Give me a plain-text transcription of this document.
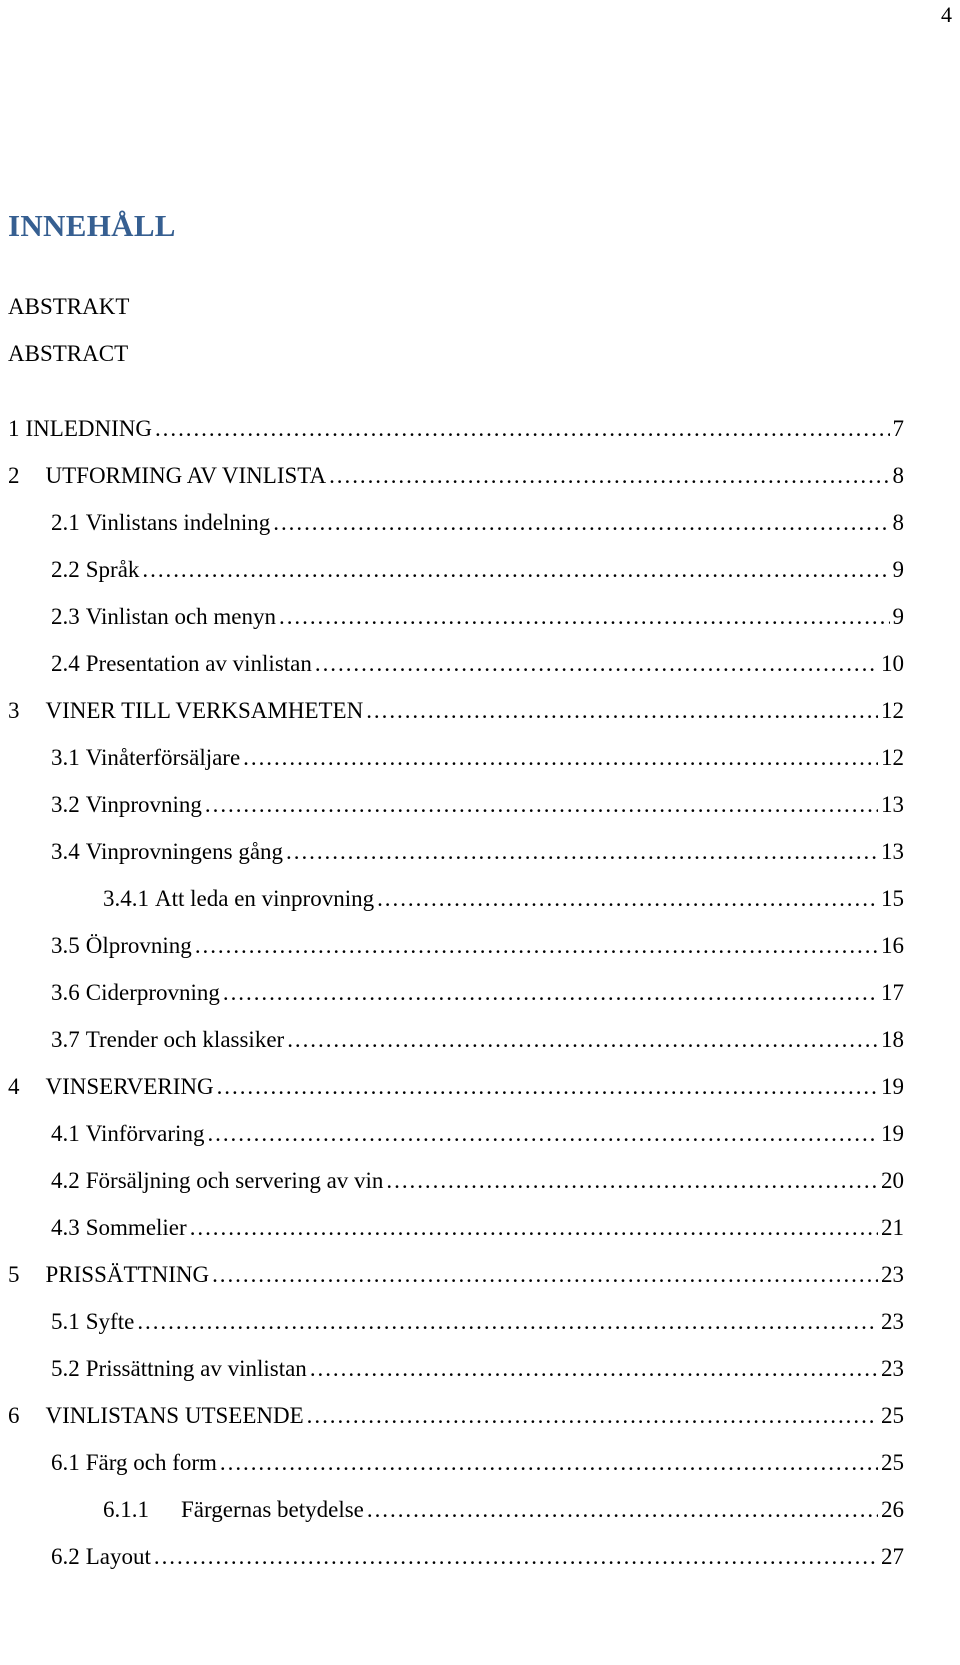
4
INNEHÅLL
ABSTRAKT
ABSTRACT
1 INLEDNING . . .	7
2 UTFORMING AV VINLISTA . . .	8
2.1 Vinlistans indelning . . .	8
2.2 Språk . . .	9
2.3 Vinlistan och menyn . . .	9
2.4 Presentation av vinlistan . . .	10
3 VINER TILL VERKSAMHETEN . . .	12
3.1 Vinåterförsäljare . . .	12
3.2 Vinprovning . . .	13
3.4 Vinprovningens gång . . .	13
3.4.1 Att leda en vinprovning . . .	15
3.5 Ölprovning . . .	16
3.6 Ciderprovning . . .	17
3.7 Trender och klassiker . . .	18
4 VINSERVERING . . .	19
4.1 Vinförvaring . . .	19
4.2 Försäljning och servering av vin . . .	20
4.3 Sommelier . . .	21
5 PRISSÄTTNING . . .	23
5.1 Syfte . . .	23
5.2 Prissättning av vinlistan . . .	23
6 VINLISTANS UTSEENDE . . .	25
6.1 Färg och form . . .	25
6.1.1 Färgernas betydelse . . .	26
6.2 Layout . . .	27
